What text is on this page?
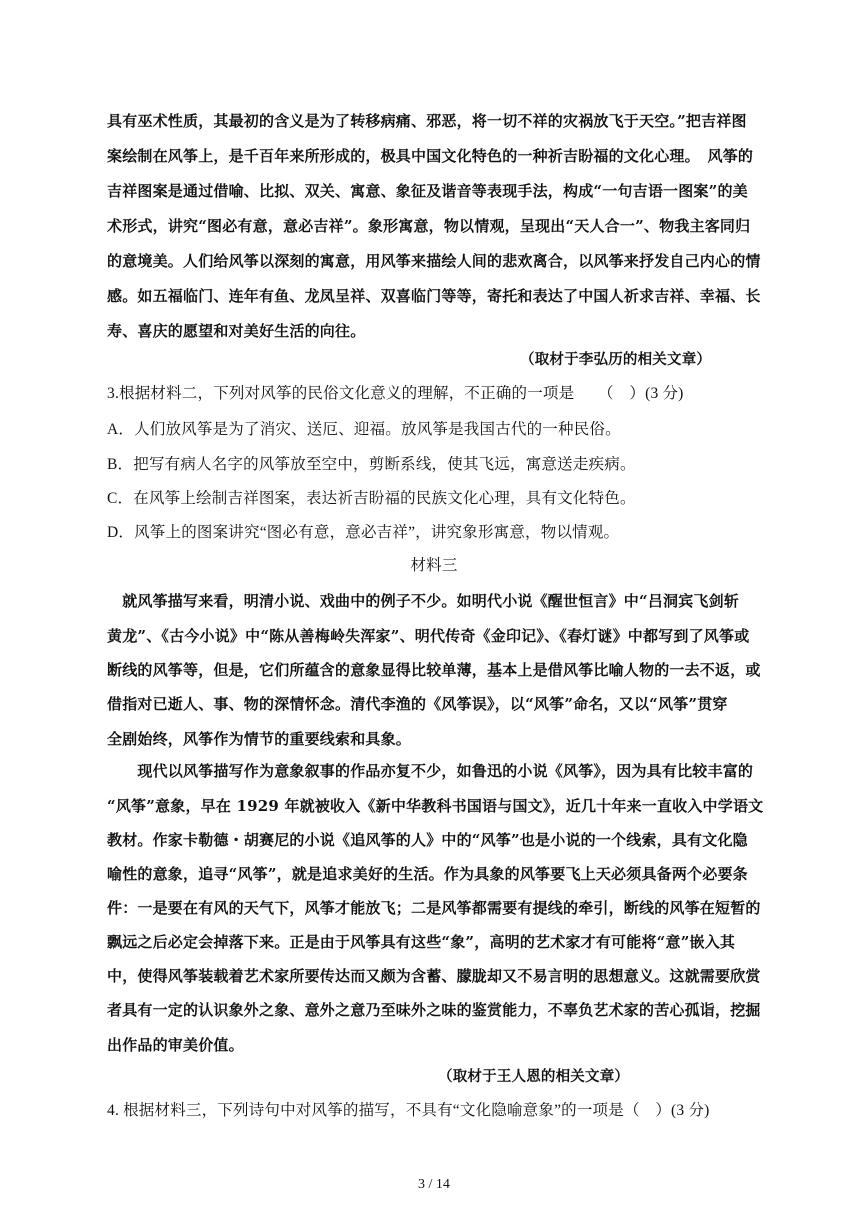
具有巫术性质，其最初的含义是为了转移病痛、邪恶，将一切不祥的灾祸放飞于天空。”把吉祥图
案绘制在风筝上，是千百年来所形成的，极具中国文化特色的一种祈吉盼福的文化心理。　风筝的
吉祥图案是通过借喻、比拟、双关、寓意、象征及谐音等表现手法，构成“一句吉语一图案”的美
术形式，讲究“图必有意，意必吉祥”。象形寓意，物以情观，呈现出“天人合一”、物我主客同归
的意境美。人们给风筝以深刻的寓意，用风筝来描绘人间的悲欢离合，以风筝来抒发自己内心的情
感。如五福临门、连年有鱼、龙凤呈祥、双喜临门等等，寄托和表达了中国人祈求吉祥、幸福、长
寿、喜庆的愿望和对美好生活的向往。
（取材于李弘历的相关文章）
3.根据材料二，下列对风筝的民俗文化意义的理解，不正确的一项是　　（　）(3 分)
A．人们放风筝是为了消灾、送厄、迎福。放风筝是我国古代的一种民俗。
B．把写有病人名字的风筝放至空中，剪断系线，使其飞远，寓意送走疾病。
C．在风筝上绘制吉祥图案，表达祈吉盼福的民族文化心理，具有文化特色。
D．风筝上的图案讲究“图必有意，意必吉祥”，讲究象形寓意，物以情观。
材料三
　就风筝描写来看，明清小说、戏曲中的例子不少。如明代小说《醒世恒言》中“吕洞宾飞剑斩
黄龙”、《古今小说》中“陈从善梅岭失浑家”、明代传奇《金印记》、《春灯谜》中都写到了风筝或
断线的风筝等，但是，它们所蕴含的意象显得比较单薄，基本上是借风筝比喻人物的一去不返，或
借指对已逝人、事、物的深情怀念。清代李渔的《风筝误》，以“风筝”命名，又以“风筝”贯穿
全剧始终，风筝作为情节的重要线索和具象。
　　现代以风筝描写作为意象叙事的作品亦复不少，如鲁迅的小说《风筝》，因为具有比较丰富的
“风筝”意象，早在 1929 年就被收入《新中华教科书国语与国文》，近几十年来一直收入中学语文
教材。作家卡勒德・胡赛尼的小说《追风筝的人》中的“风筝”也是小说的一个线索，具有文化隐
喻性的意象，追寻“风筝”，就是追求美好的生活。作为具象的风筝要飞上天必须具备两个必要条
件：一是要在有风的天气下，风筝才能放飞；二是风筝都需要有提线的牵引，断线的风筝在短暂的
飘远之后必定会掉落下来。正是由于风筝具有这些“象”，高明的艺术家才有可能将“意”嵌入其
中，使得风筝装载着艺术家所要传达而又颇为含蓄、朦胧却又不易言明的思想意义。这就需要欣赏
者具有一定的认识象外之象、意外之意乃至味外之味的鉴赏能力，不辜负艺术家的苦心孤诣，挖掘
出作品的审美价值。
（取材于王人恩的相关文章）
4. 根据材料三，下列诗句中对风筝的描写，不具有“文化隐喻意象”的一项是（　）(3 分)
3 / 14
